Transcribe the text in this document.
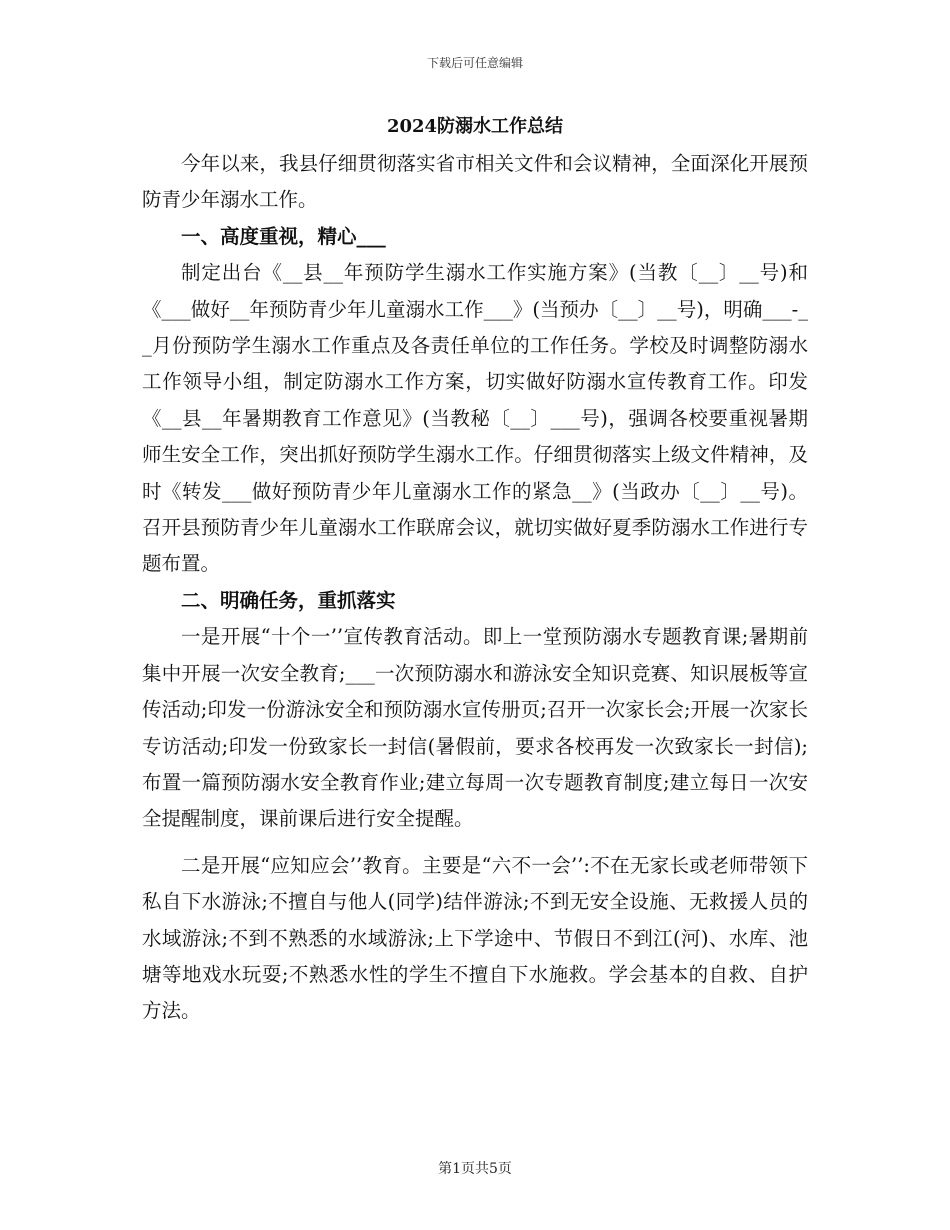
下载后可任意编辑
2024防溺水工作总结

今年以来，我县仔细贯彻落实省市相关文件和会议精神，全面深化开展预防青少年溺水工作。

一、高度重视，精心___

制定出台《__县__年预防学生溺水工作实施方案》(当教〔__〕__号)和《___做好__年预防青少年儿童溺水工作___》(当预办〔__〕__号)，明确___-__月份预防学生溺水工作重点及各责任单位的工作任务。学校及时调整防溺水工作领导小组，制定防溺水工作方案，切实做好防溺水宣传教育工作。印发《__县__年暑期教育工作意见》(当教秘〔__〕___号)，强调各校要重视暑期师生安全工作，突出抓好预防学生溺水工作。仔细贯彻落实上级文件精神，及时《转发___做好预防青少年儿童溺水工作的紧急__》(当政办〔__〕__号)。召开县预防青少年儿童溺水工作联席会议，就切实做好夏季防溺水工作进行专题布置。

二、明确任务，重抓落实

一是开展“十个一’’宣传教育活动。即上一堂预防溺水专题教育课;暑期前集中开展一次安全教育;___一次预防溺水和游泳安全知识竞赛、知识展板等宣传活动;印发一份游泳安全和预防溺水宣传册页;召开一次家长会;开展一次家长专访活动;印发一份致家长一封信(暑假前，要求各校再发一次致家长一封信);布置一篇预防溺水安全教育作业;建立每周一次专题教育制度;建立每日一次安全提醒制度，课前课后进行安全提醒。

二是开展“应知应会’’教育。主要是“六不一会’’:不在无家长或老师带领下私自下水游泳;不擅自与他人(同学)结伴游泳;不到无安全设施、无救援人员的水域游泳;不到不熟悉的水域游泳;上下学途中、节假日不到江(河)、水库、池塘等地戏水玩耍;不熟悉水性的学生不擅自下水施救。学会基本的自救、自护方法。

第1页共5页
